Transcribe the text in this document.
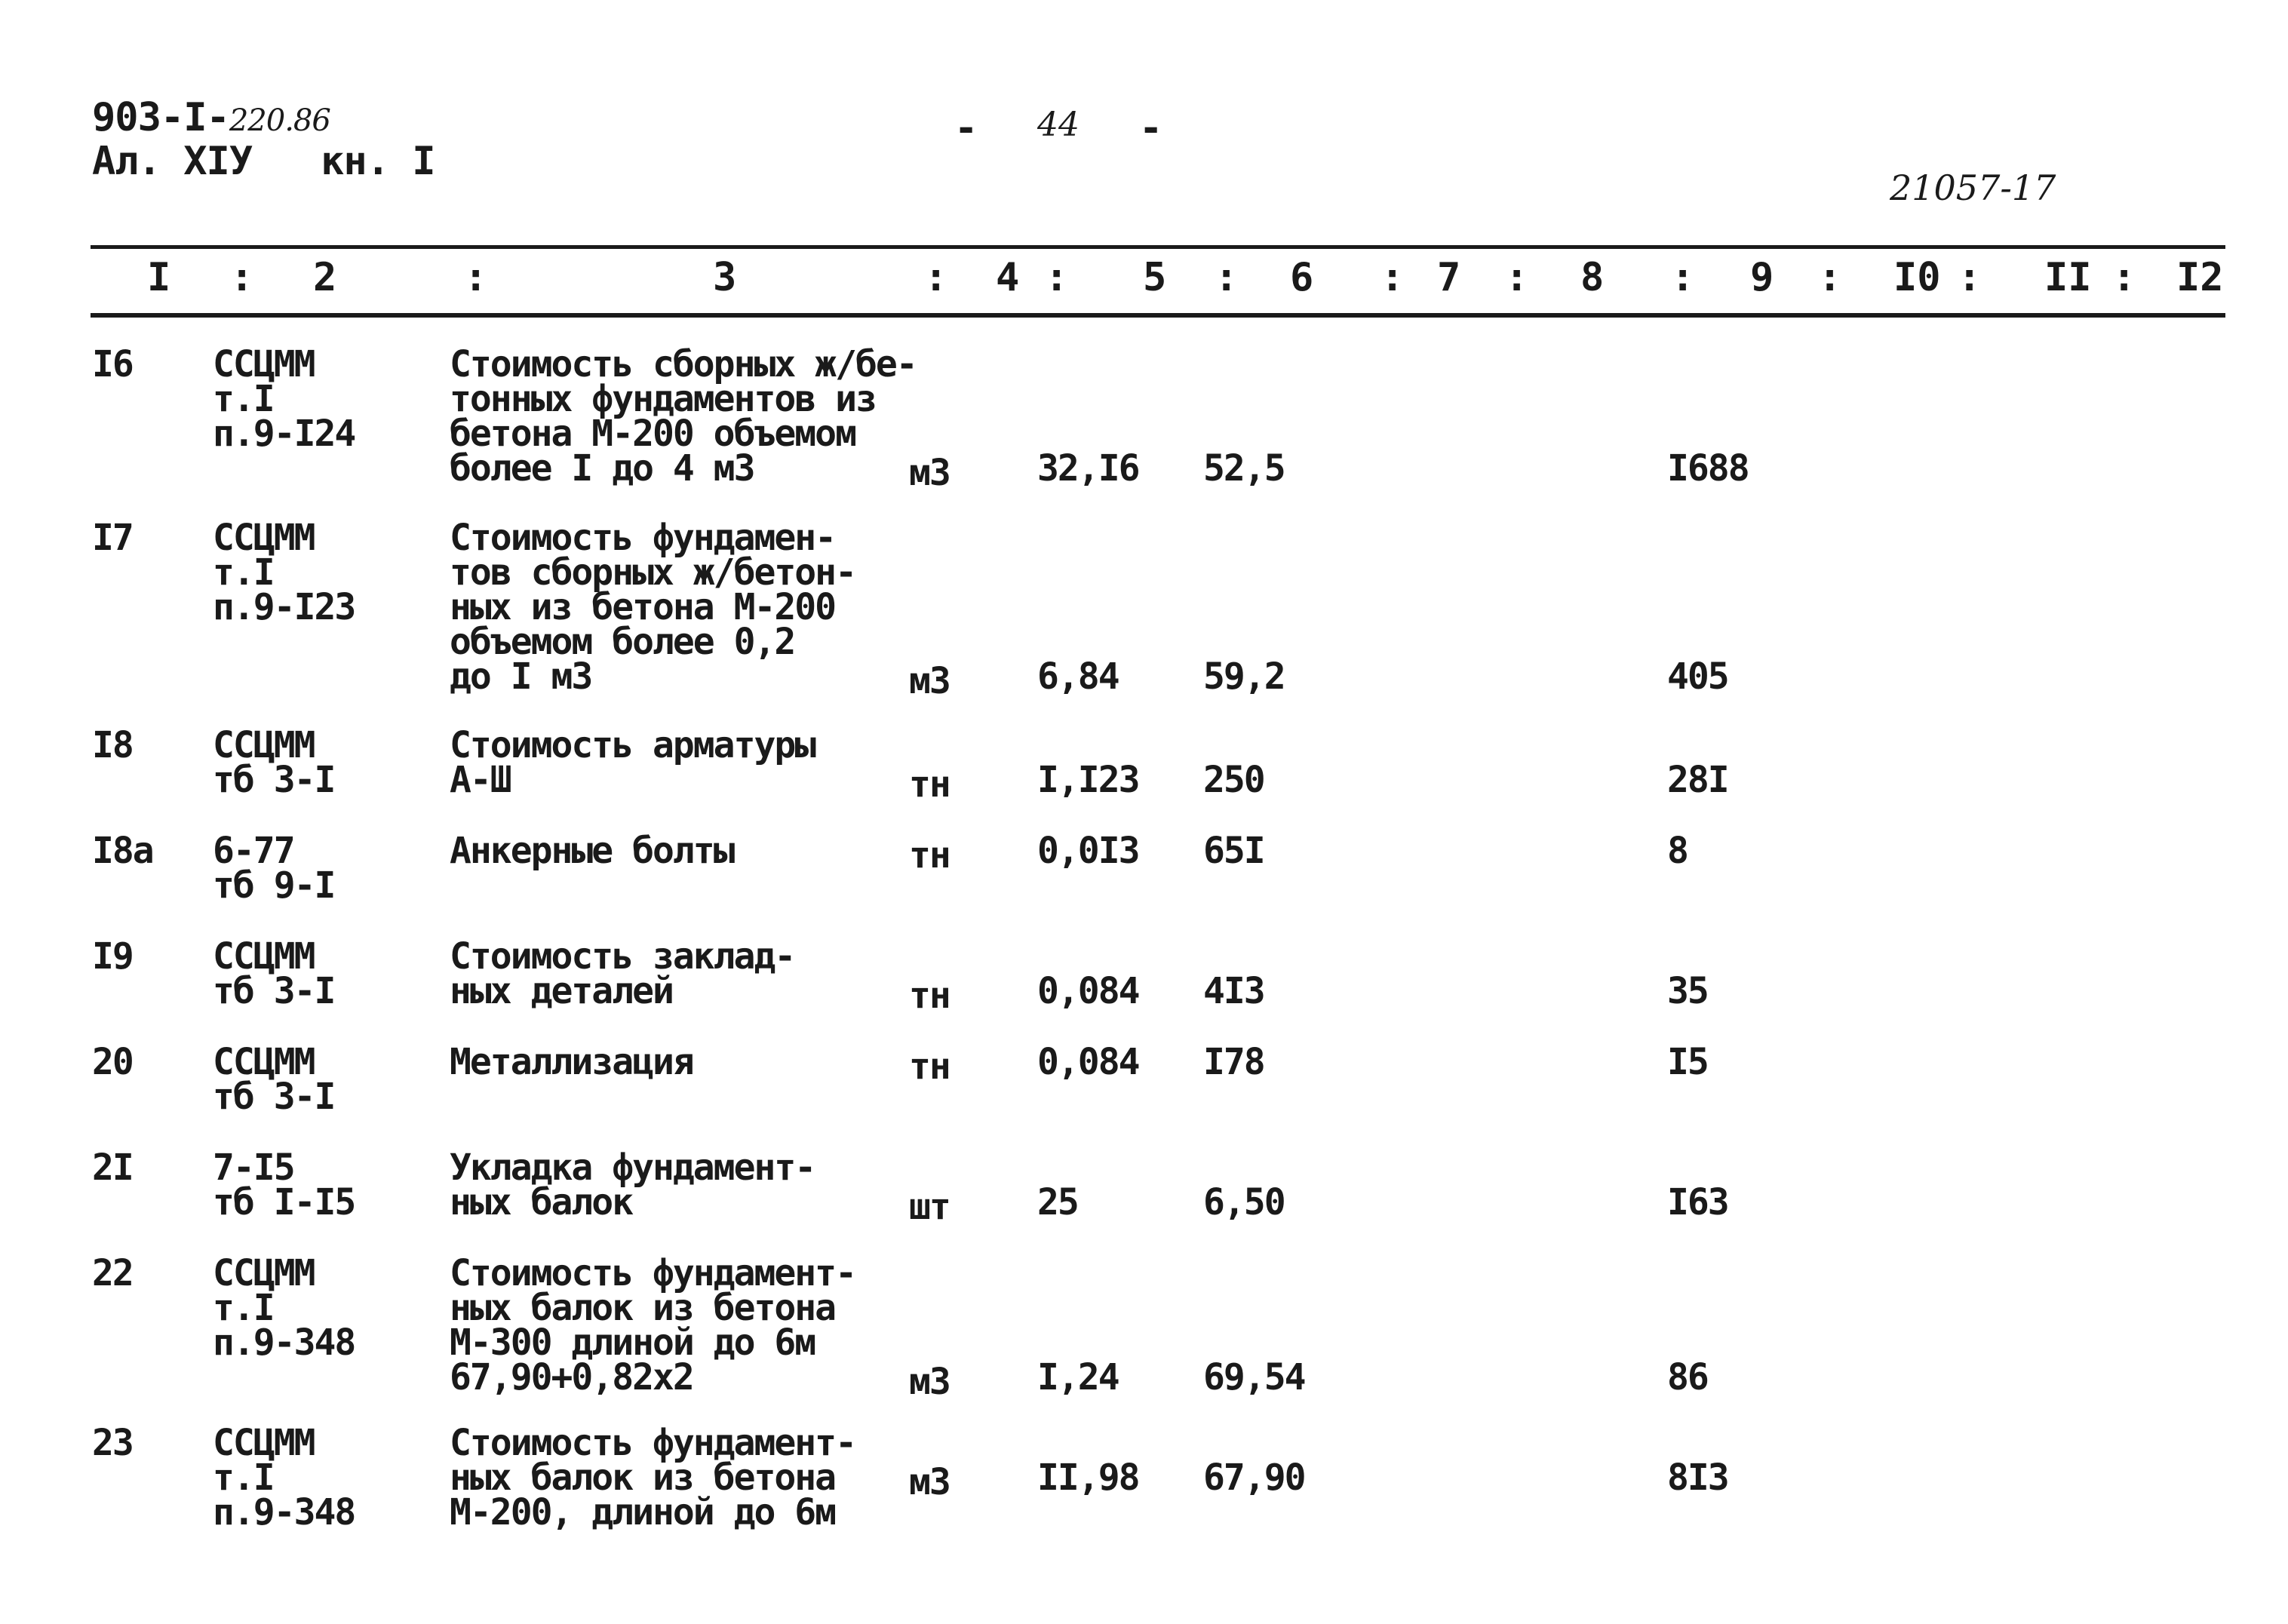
903-I-220.86
Ал. XIУ   кн. I
- 44 -
21057-17
I : 2	:	3	: 4 : 5 : 6 : 7 : 8 : 9 : I0 : II : I2
I6 ССЦММ
т.I
п.9-I24
Стоимость сборных ж/бе-
тонных фундаментов из
бетона М-200 объемом
более I до 4 м3	м3 32,I6 52,5	I688
I7 ССЦММ
т.I
п.9-I23
Стоимость фундамен-
тов сборных ж/бетон-
ных из бетона М-200
объемом более 0,2
до I м3	м3 6,84 59,2	405
I8 ССЦММ
тб 3-I
Стоимость арматуры
А-Ш	тн I,I23 250	28I
I8а 6-77
тб 9-I
Анкерные болты	тн 0,0I3 65I	8
I9 ССЦММ
тб 3-I
Стоимость заклад-
ных деталей	тн 0,084 4I3	35
20 ССЦММ
тб 3-I
Металлизация	тн 0,084 I78	I5
2I 7-I5
тб I-I5
Укладка фундамент-
ных балок	шт 25	6,50	I63
22 ССЦММ
т.I
п.9-348
Стоимость фундамент-
ных балок из бетона
М-300 длиной до 6м
67,90+0,82х2	м3 I,24 69,54	86
23 ССЦММ
т.I
п.9-348
Стоимость фундамент-
ных балок из бетона
М-200, длиной до 6м
м3 II,98 67,90	8I3
